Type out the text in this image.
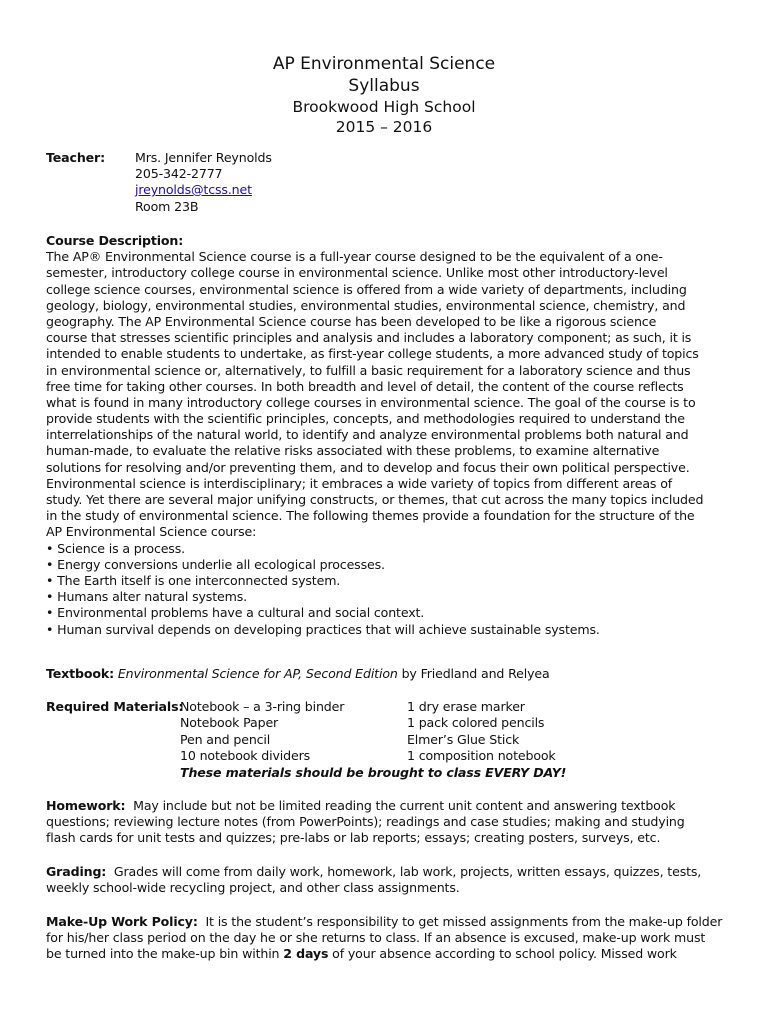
AP Environmental Science
Syllabus
Brookwood High School
2015 – 2016
Teacher: Mrs. Jennifer Reynolds
205-342-2777
jreynolds@tcss.net
Room 23B
Course Description:
The AP® Environmental Science course is a full-year course designed to be the equivalent of a one-
semester, introductory college course in environmental science. Unlike most other introductory-level
college science courses, environmental science is offered from a wide variety of departments, including
geology, biology, environmental studies, environmental studies, environmental science, chemistry, and
geography. The AP Environmental Science course has been developed to be like a rigorous science
course that stresses scientific principles and analysis and includes a laboratory component; as such, it is
intended to enable students to undertake, as first-year college students, a more advanced study of topics
in environmental science or, alternatively, to fulfill a basic requirement for a laboratory science and thus
free time for taking other courses. In both breadth and level of detail, the content of the course reflects
what is found in many introductory college courses in environmental science. The goal of the course is to
provide students with the scientific principles, concepts, and methodologies required to understand the
interrelationships of the natural world, to identify and analyze environmental problems both natural and
human-made, to evaluate the relative risks associated with these problems, to examine alternative
solutions for resolving and/or preventing them, and to develop and focus their own political perspective.
Environmental science is interdisciplinary; it embraces a wide variety of topics from different areas of
study. Yet there are several major unifying constructs, or themes, that cut across the many topics included
in the study of environmental science. The following themes provide a foundation for the structure of the
AP Environmental Science course:
• Science is a process.
• Energy conversions underlie all ecological processes.
• The Earth itself is one interconnected system.
• Humans alter natural systems.
• Environmental problems have a cultural and social context.
• Human survival depends on developing practices that will achieve sustainable systems.
Textbook: Environmental Science for AP, Second Edition by Friedland and Relyea
Required Materials:
Notebook – a 3-ring binder
Notebook Paper
Pen and pencil
10 notebook dividers
1 dry erase marker
1 pack colored pencils
Elmer’s Glue Stick
1 composition notebook
These materials should be brought to class EVERY DAY!
Homework: May include but not be limited reading the current unit content and answering textbook
questions; reviewing lecture notes (from PowerPoints); readings and case studies; making and studying
flash cards for unit tests and quizzes; pre-labs or lab reports; essays; creating posters, surveys, etc.
Grading: Grades will come from daily work, homework, lab work, projects, written essays, quizzes, tests,
weekly school-wide recycling project, and other class assignments.
Make-Up Work Policy: It is the student’s responsibility to get missed assignments from the make-up folder
for his/her class period on the day he or she returns to class. If an absence is excused, make-up work must
be turned into the make-up bin within 2 days of your absence according to school policy. Missed work
